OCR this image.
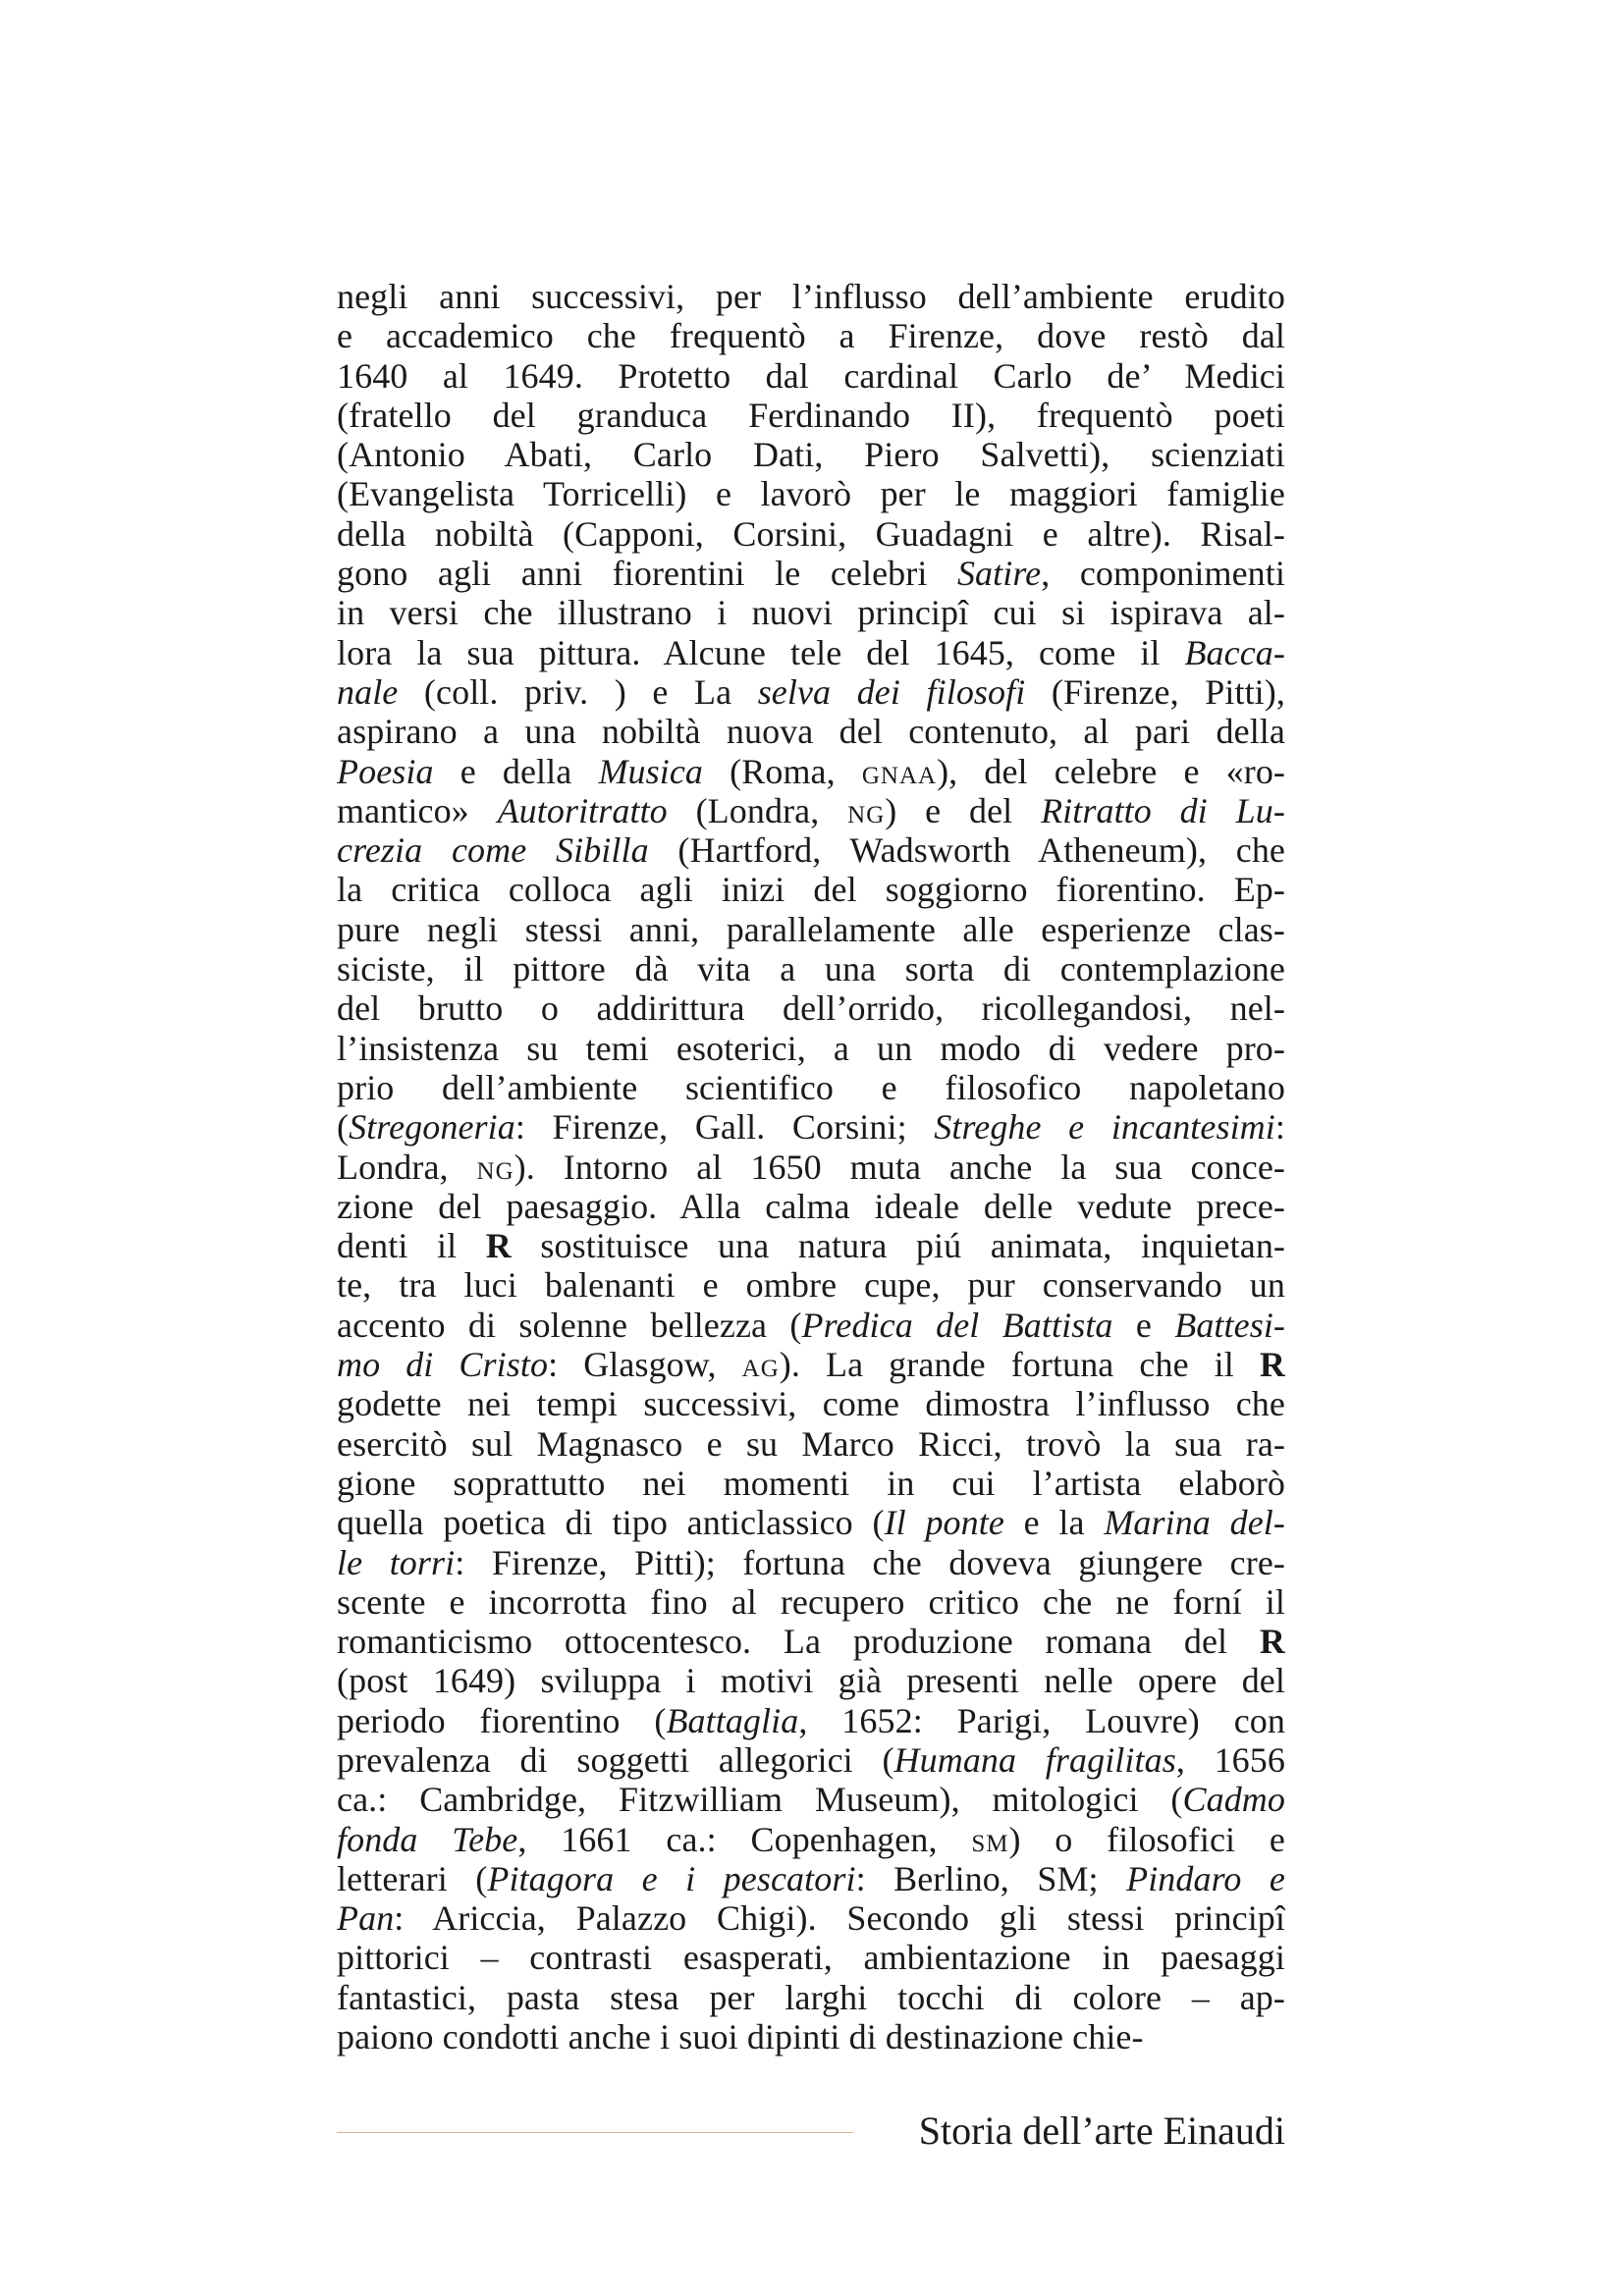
negli anni successivi, per l’influsso dell’ambiente erudito
e accademico che frequentò a Firenze, dove restò dal
1640 al 1649. Protetto dal cardinal Carlo de’ Medici
(fratello del granduca Ferdinando II), frequentò poeti
(Antonio Abati, Carlo Dati, Piero Salvetti), scienziati
(Evangelista Torricelli) e lavorò per le maggiori famiglie
della nobiltà (Capponi, Corsini, Guadagni e altre). Risal-
gono agli anni fiorentini le celebri Satire, componimenti
in versi che illustrano i nuovi principî cui si ispirava al-
lora la sua pittura. Alcune tele del 1645, come il Bacca-
nale (coll. priv. ) e La selva dei filosofi (Firenze, Pitti),
aspirano a una nobiltà nuova del contenuto, al pari della
Poesia e della Musica (Roma, gnaa), del celebre e «ro-
mantico» Autoritratto (Londra, ng) e del Ritratto di Lu-
crezia come Sibilla (Hartford, Wadsworth Atheneum), che
la critica colloca agli inizi del soggiorno fiorentino. Ep-
pure negli stessi anni, parallelamente alle esperienze clas-
siciste, il pittore dà vita a una sorta di contemplazione
del brutto o addirittura dell’orrido, ricollegandosi, nel-
l’insistenza su temi esoterici, a un modo di vedere pro-
prio dell’ambiente scientifico e filosofico napoletano
(Stregoneria: Firenze, Gall. Corsini; Streghe e incantesimi:
Londra, ng). Intorno al 1650 muta anche la sua conce-
zione del paesaggio. Alla calma ideale delle vedute prece-
denti il R sostituisce una natura piú animata, inquietan-
te, tra luci balenanti e ombre cupe, pur conservando un
accento di solenne bellezza (Predica del Battista e Battesi-
mo di Cristo: Glasgow, ag). La grande fortuna che il R
godette nei tempi successivi, come dimostra l’influsso che
esercitò sul Magnasco e su Marco Ricci, trovò la sua ra-
gione soprattutto nei momenti in cui l’artista elaborò
quella poetica di tipo anticlassico (Il ponte e la Marina del-
le torri: Firenze, Pitti); fortuna che doveva giungere cre-
scente e incorrotta fino al recupero critico che ne forní il
romanticismo ottocentesco. La produzione romana del R
(post 1649) sviluppa i motivi già presenti nelle opere del
periodo fiorentino (Battaglia, 1652: Parigi, Louvre) con
prevalenza di soggetti allegorici (Humana fragilitas, 1656
ca.: Cambridge, Fitzwilliam Museum), mitologici (Cadmo
fonda Tebe, 1661 ca.: Copenhagen, sm) o filosofici e
letterari (Pitagora e i pescatori: Berlino, SM; Pindaro e
Pan: Ariccia, Palazzo Chigi). Secondo gli stessi principî
pittorici – contrasti esasperati, ambientazione in paesaggi
fantastici, pasta stesa per larghi tocchi di colore – ap-
paiono condotti anche i suoi dipinti di destinazione chie-
Storia dell’arte Einaudi
